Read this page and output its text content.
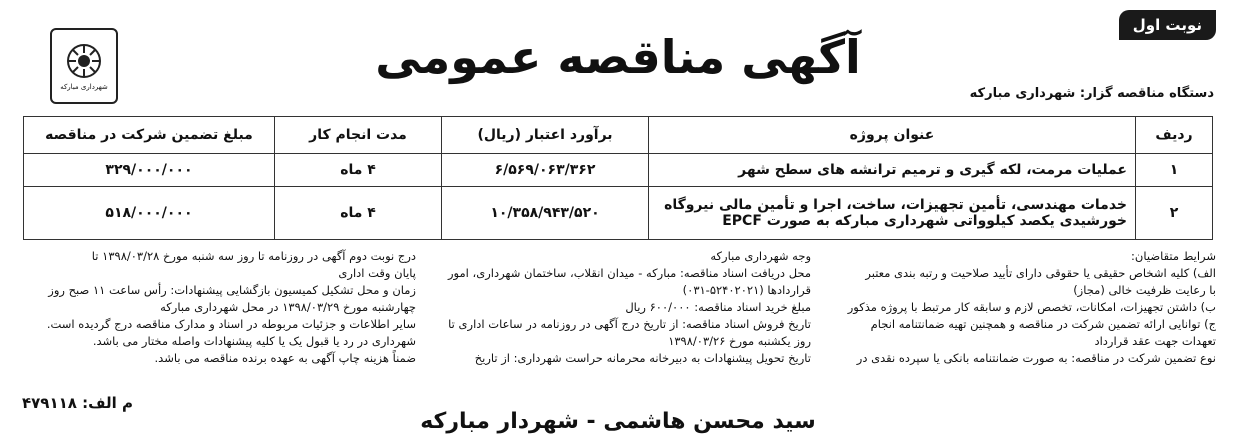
نوبت اول
آگهی مناقصه عمومی
شهرداری مبارکه	دستگاه مناقصه گزار: شهرداری مبارکه
ردیف	عنوان پروژه	برآورد اعتبار (ریال)	مدت انجام کار	مبلغ تضمین شرکت در مناقصه
۱	عملیات مرمت، لکه گیری و ترمیم ترانشه های سطح شهر	۶/۵۶۹/۰۶۳/۳۶۲	۴ ماه	۳۲۹/۰۰۰/۰۰۰
۲	خدمات مهندسی، تأمین تجهیزات، ساخت، اجرا و تأمین مالی نیروگاه
خورشیدی یکصد کیلوواتی شهرداری مبارکه به صورت EPCF	۱۰/۳۵۸/۹۴۳/۵۲۰	۴ ماه	۵۱۸/۰۰۰/۰۰۰
شرایط متقاضیان:
الف) کلیه اشخاص حقیقی یا حقوقی دارای تأیید صلاحیت و رتبه بندی معتبر
با رعایت ظرفیت خالی (مجاز)
ب) داشتن تجهیزات، امکانات، تخصص لازم و سابقه کار مرتبط با پروژه مذکور
ج) توانایی ارائه تضمین شرکت در مناقصه و همچنین تهیه ضمانتنامه انجام
تعهدات جهت عقد قرارداد
نوع تضمین شرکت در مناقصه: به صورت ضمانتنامه بانکی یا سپرده نقدی در
وجه شهرداری مبارکه
محل دریافت اسناد مناقصه: مبارکه - میدان انقلاب، ساختمان شهرداری، امور
قراردادها (۵۲۴۰۲۰۲۱-۰۳۱)
مبلغ خرید اسناد مناقصه: ۶۰۰/۰۰۰ ریال
تاریخ فروش اسناد مناقصه: از تاریخ درج آگهی در روزنامه در ساعات اداری تا
روز یکشنبه مورخ ۱۳۹۸/۰۳/۲۶
تاریخ تحویل پیشنهادات به دبیرخانه محرمانه حراست شهرداری: از تاریخ
درج نوبت دوم آگهی در روزنامه تا روز سه شنبه مورخ ۱۳۹۸/۰۳/۲۸ تا
پایان وقت اداری
زمان و محل تشکیل کمیسیون بازگشایی پیشنهادات: رأس ساعت ۱۱ صبح روز
چهارشنبه مورخ ۱۳۹۸/۰۳/۲۹ در محل شهرداری مبارکه
سایر اطلاعات و جزئیات مربوطه در اسناد و مدارک مناقصه درج گردیده است.
شهرداری در رد یا قبول یک یا کلیه پیشنهادات واصله مختار می باشد.
ضمناً هزینه چاپ آگهی به عهده برنده مناقصه می باشد.
م الف: ۴۷۹۱۱۸
سید محسن هاشمی - شهردار مبارکه
